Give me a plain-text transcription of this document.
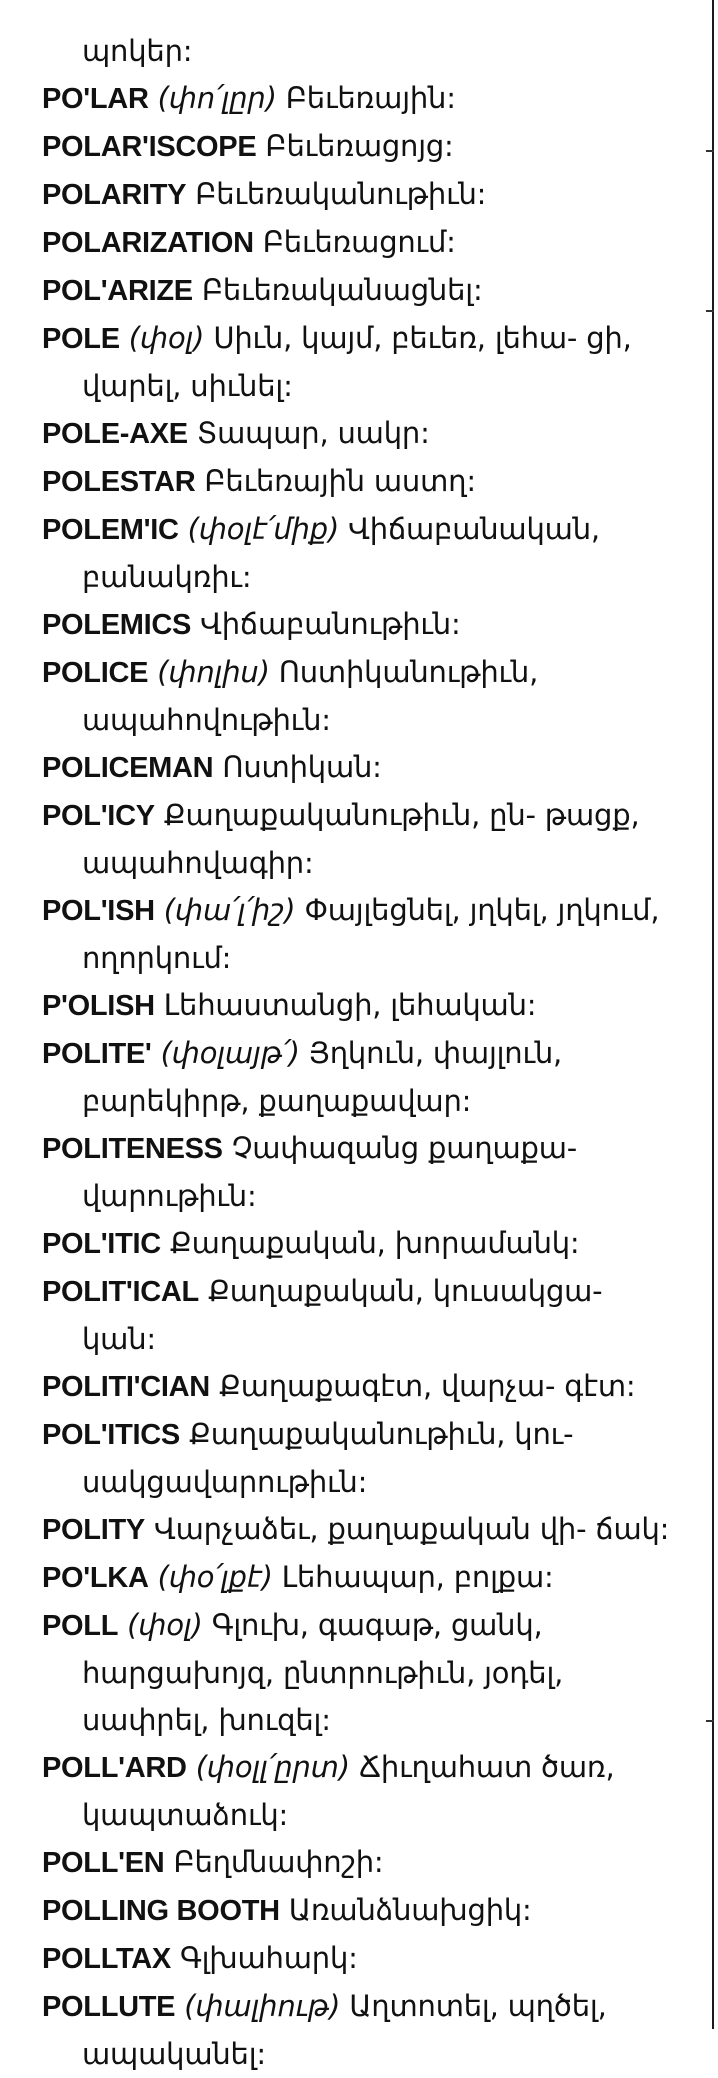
պոկեր:

PO'LAR (փո՛լըր) Բեւեռային:

POLAR'ISCOPE Բեւեռացոյց:

POLARITY Բեւեռականութիւն:

POLARIZATION Բեւեռացում:

POL'ARIZE Բեւեռականացնել:

POLE (փօլ) Սիւն, կայմ, բեւեռ, լեհա- ցի, վարել, սիւնել:

POLE-AXE Տապար, սակր:

POLESTAR Բեւեռային աստղ:

POLEM'IC (փօլէ՛միք) Վիճաբանական, բանակռիւ:

POLEMICS Վիճաբանութիւն:

POLICE (փոլիս) Ոստիկանութիւն, ապահովութիւն:

POLICEMAN Ոստիկան:

POL'ICY Քաղաքականութիւն, ըն- թացք, ապահովագիր:

POL'ISH (փա՛լ՛իշ) Փայլեցնել, յղկել, յղկում, ողորկում:

P'OLISH Լեհաստանցի, լեհական:

POLITE' (փօլայթ՛) Յղկուն, փայլուն, բարեկիրթ, քաղաքավար:

POLITENESS Չափազանց քաղաքա- վարութիւն:

POL'ITIC Քաղաքական, խորամանկ:

POLIT'ICAL Քաղաքական, կուսակցա- կան:

POLITI'CIAN Քաղաքագէտ, վարչա- գէտ:

POL'ITICS Քաղաքականութիւն, կու- սակցավարութիւն:

POLITY Վարչաձեւ, քաղաքական վի- ճակ:

PO'LKA (փօ՛լքէ) Լեհապար, բոլքա:

POLL (փօլ) Գլուխ, գագաթ, ցանկ, հարցախոյզ, ընտրութիւն, յօդել, սափրել, խուզել:

POLL'ARD (փօլլ՛ըրտ) Ճիւղահատ ծառ, կապտաձուկ:

POLL'EN Բեղմնափոշի:

POLLING BOOTH Առանձնախցիկ:

POLLTAX Գլխահարկ:

POLLUTE (փալիութ) Աղտոտել, պղծել, ապականել:
